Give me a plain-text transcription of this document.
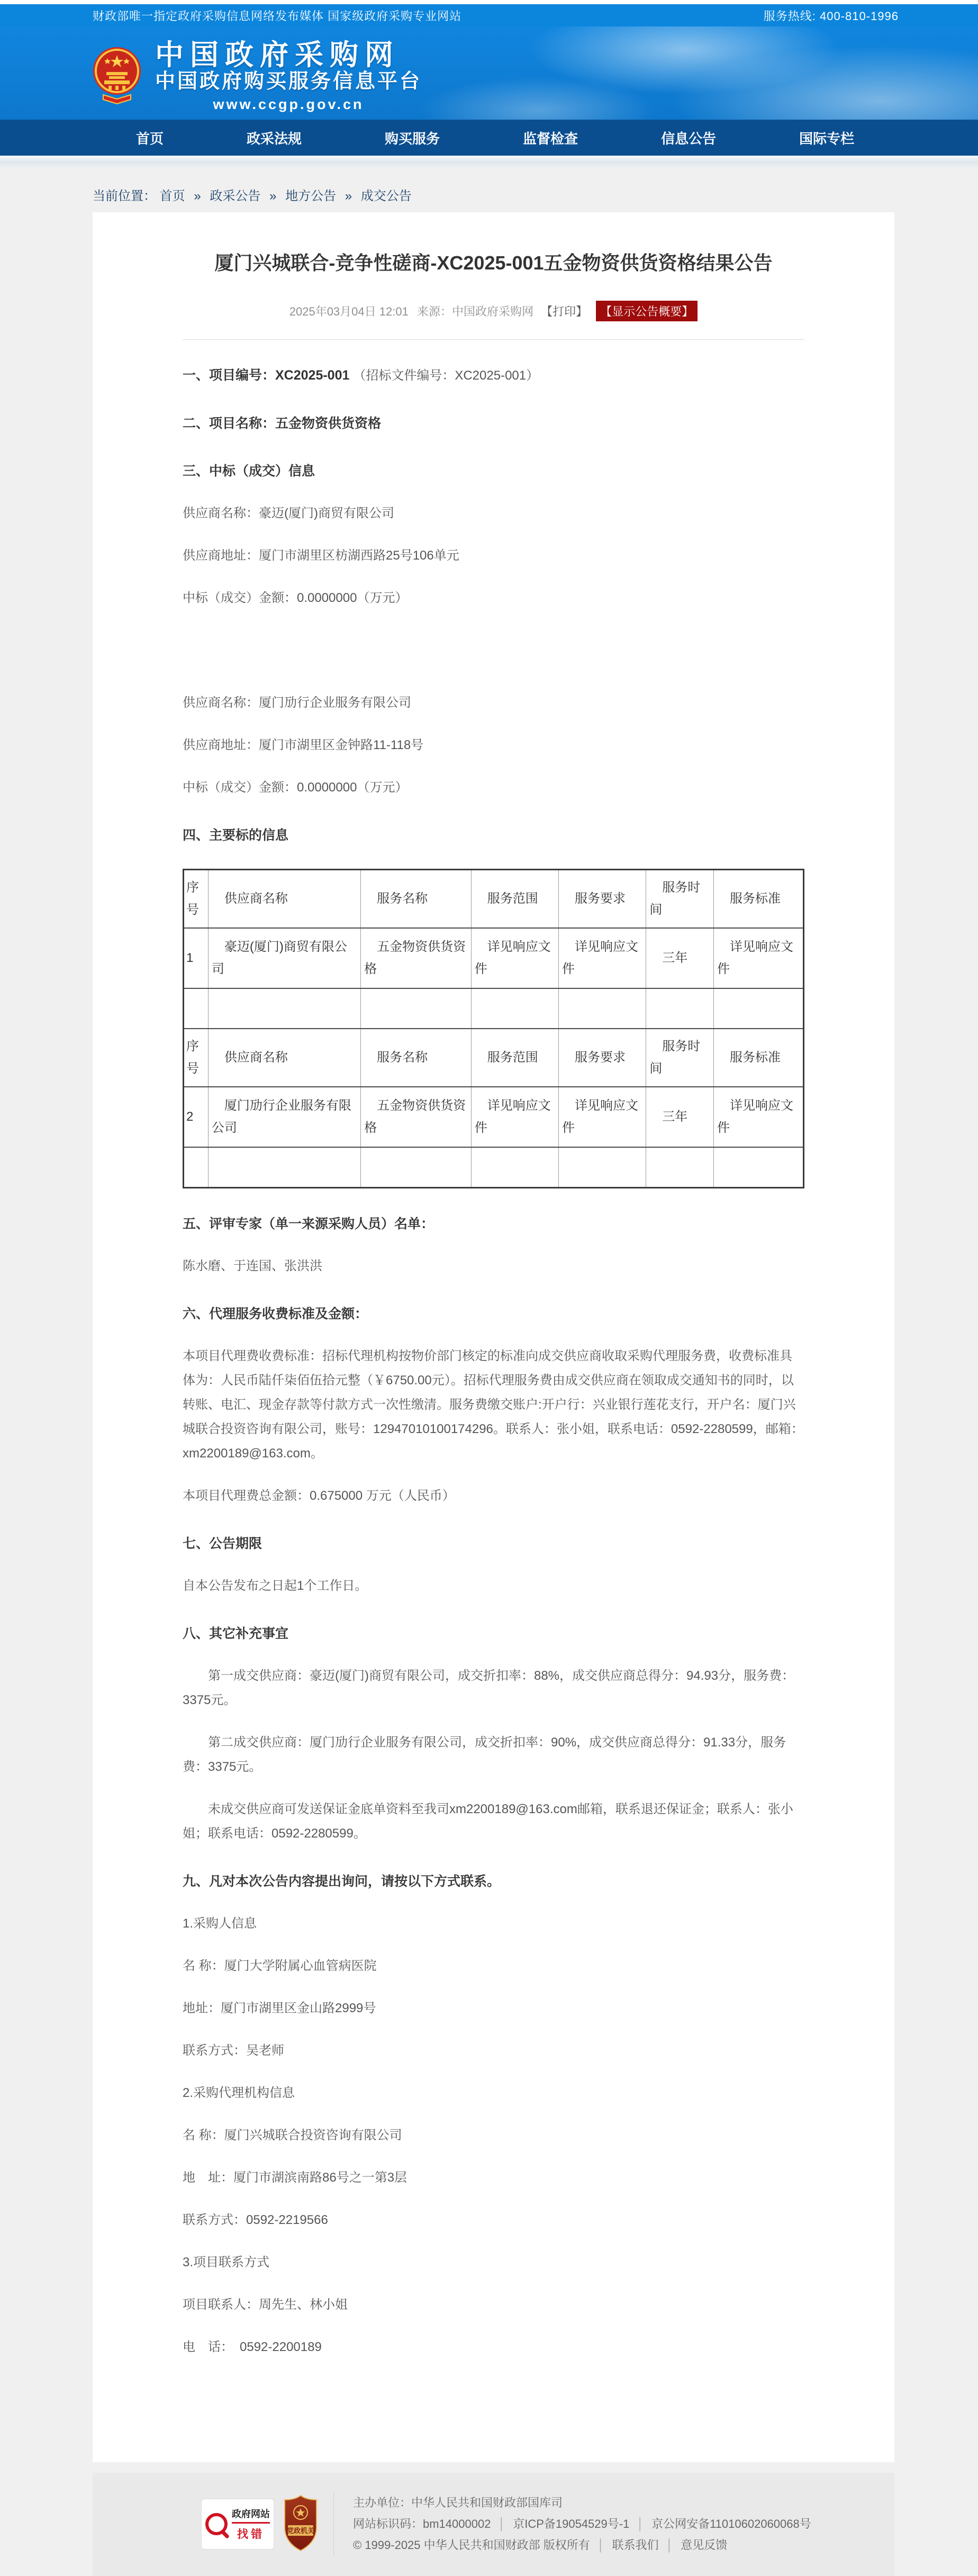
财政部唯一指定政府采购信息网络发布媒体 国家级政府采购专业网站	服务热线: 400-810-1996
中国政府采购网
中国政府购买服务信息平台
www.ccgp.gov.cn
首页	政采法规	购买服务	监督检查	信息公告	国际专栏
当前位置： 首页 » 政采公告 » 地方公告 » 成交公告
厦门兴城联合-竞争性磋商-XC2025-001五金物资供货资格结果公告
2025年03月04日 12:01 来源：中国政府采购网 【打印】 【显示公告概要】

一、项目编号：XC2025-001 （招标文件编号：XC2025-001）

二、项目名称：五金物资供货资格

三、中标（成交）信息

供应商名称：豪迈(厦门)商贸有限公司

供应商地址：厦门市湖里区枋湖西路25号106单元

中标（成交）金额：0.0000000（万元）

供应商名称：厦门劢行企业服务有限公司

供应商地址：厦门市湖里区金钟路11-118号

中标（成交）金额：0.0000000（万元）

四、主要标的信息

序号	供应商名称	服务名称	服务范围	服务要求	服务时间	服务标准
1	豪迈(厦门)商贸有限公司	五金物资供货资格	详见响应文件	详见响应文件	三年	详见响应文件

序号	供应商名称	服务名称	服务范围	服务要求	服务时间	服务标准
2	厦门劢行企业服务有限公司	五金物资供货资格	详见响应文件	详见响应文件	三年	详见响应文件

五、评审专家（单一来源采购人员）名单：

陈水磨、于连国、张洪洪

六、代理服务收费标准及金额：

本项目代理费收费标准：招标代理机构按物价部门核定的标准向成交供应商收取采购代理服务费，收费标准具体为：人民币陆仟柒佰伍拾元整（￥6750.00元）。招标代理服务费由成交供应商在领取成交通知书的同时，以转账、电汇、现金存款等付款方式一次性缴清。服务费缴交账户:开户行：兴业银行莲花支行，开户名：厦门兴城联合投资咨询有限公司，账号：12947010100174296。联系人：张小姐，联系电话：0592-2280599，邮箱：xm2200189@163.com。

本项目代理费总金额：0.675000 万元（人民币）

七、公告期限

自本公告发布之日起1个工作日。

八、其它补充事宜

第一成交供应商：豪迈(厦门)商贸有限公司，成交折扣率：88%，成交供应商总得分：94.93分，服务费：3375元。

第二成交供应商：厦门劢行企业服务有限公司，成交折扣率：90%，成交供应商总得分：91.33分，服务费：3375元。

未成交供应商可发送保证金底单资料至我司xm2200189@163.com邮箱，联系退还保证金；联系人：张小姐；联系电话：0592-2280599。

九、凡对本次公告内容提出询问，请按以下方式联系。

1.采购人信息

名 称：厦门大学附属心血管病医院

地址：厦门市湖里区金山路2999号

联系方式：吴老师

2.采购代理机构信息

名 称：厦门兴城联合投资咨询有限公司

地　址：厦门市湖滨南路86号之一第3层

联系方式：0592-2219566

3.项目联系方式

项目联系人：周先生、林小姐

电　话：　0592-2200189

政府网站
找错	党政机关
主办单位：中华人民共和国财政部国库司
网站标识码：bm14000002 │ 京ICP备19054529号-1 │ 京公网安备11010602060068号
© 1999-2025 中华人民共和国财政部 版权所有 │ 联系我们 │ 意见反馈
